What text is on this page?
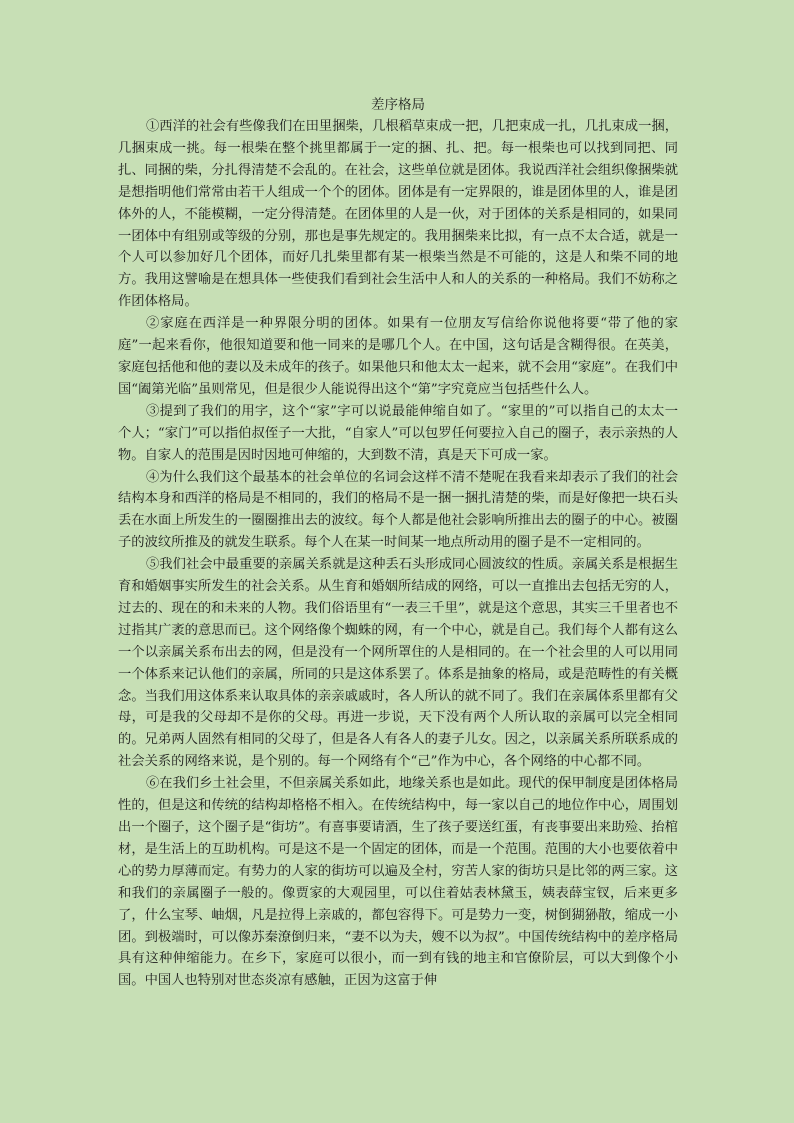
差序格局

①西洋的社会有些像我们在田里捆柴，几根稻草束成一把，几把束成一扎，几扎束成一捆，几捆束成一挑。每一根柴在整个挑里都属于一定的捆、扎、把。每一根柴也可以找到同把、同扎、同捆的柴，分扎得清楚不会乱的。在社会，这些单位就是团体。我说西洋社会组织像捆柴就是想指明他们常常由若干人组成一个个的团体。团体是有一定界限的，谁是团体里的人，谁是团体外的人，不能模糊，一定分得清楚。在团体里的人是一伙，对于团体的关系是相同的，如果同一团体中有组别或等级的分别，那也是事先规定的。我用捆柴来比拟，有一点不太合适，就是一个人可以参加好几个团体，而好几扎柴里都有某一根柴当然是不可能的，这是人和柴不同的地方。我用这譬喻是在想具体一些使我们看到社会生活中人和人的关系的一种格局。我们不妨称之作团体格局。

②家庭在西洋是一种界限分明的团体。如果有一位朋友写信给你说他将要“带了他的家庭”一起来看你，他很知道要和他一同来的是哪几个人。在中国，这句话是含糊得很。在英美，家庭包括他和他的妻以及未成年的孩子。如果他只和他太太一起来，就不会用“家庭”。在我们中国“阖第光临”虽则常见，但是很少人能说得出这个“第”字究竟应当包括些什么人。

③提到了我们的用字，这个“家”字可以说最能伸缩自如了。“家里的”可以指自己的太太一个人；“家门”可以指伯叔侄子一大批，“自家人”可以包罗任何要拉入自己的圈子，表示亲热的人物。自家人的范围是因时因地可伸缩的，大到数不清，真是天下可成一家。

④为什么我们这个最基本的社会单位的名词会这样不清不楚呢在我看来却表示了我们的社会结构本身和西洋的格局是不相同的，我们的格局不是一捆一捆扎清楚的柴，而是好像把一块石头丢在水面上所发生的一圈圈推出去的波纹。每个人都是他社会影响所推出去的圈子的中心。被圈子的波纹所推及的就发生联系。每个人在某一时间某一地点所动用的圈子是不一定相同的。

⑤我们社会中最重要的亲属关系就是这种丢石头形成同心圆波纹的性质。亲属关系是根据生育和婚姻事实所发生的社会关系。从生育和婚姻所结成的网络，可以一直推出去包括无穷的人，过去的、现在的和未来的人物。我们俗语里有“一表三千里”，就是这个意思，其实三千里者也不过指其广袤的意思而已。这个网络像个蜘蛛的网，有一个中心，就是自己。我们每个人都有这么一个以亲属关系布出去的网，但是没有一个网所罩住的人是相同的。在一个社会里的人可以用同一个体系来记认他们的亲属，所同的只是这体系罢了。体系是抽象的格局，或是范畴性的有关概念。当我们用这体系来认取具体的亲亲戚戚时，各人所认的就不同了。我们在亲属体系里都有父母，可是我的父母却不是你的父母。再进一步说，天下没有两个人所认取的亲属可以完全相同的。兄弟两人固然有相同的父母了，但是各人有各人的妻子儿女。因之，以亲属关系所联系成的社会关系的网络来说，是个别的。每一个网络有个“己”作为中心，各个网络的中心都不同。

⑥在我们乡土社会里，不但亲属关系如此，地缘关系也是如此。现代的保甲制度是团体格局性的，但是这和传统的结构却格格不相入。在传统结构中，每一家以自己的地位作中心，周围划出一个圈子，这个圈子是“街坊”。有喜事要请酒，生了孩子要送红蛋，有丧事要出来助殓、抬棺材，是生活上的互助机构。可是这不是一个固定的团体，而是一个范围。范围的大小也要依着中心的势力厚薄而定。有势力的人家的街坊可以遍及全村，穷苦人家的街坊只是比邻的两三家。这和我们的亲属圈子一般的。像贾家的大观园里，可以住着姑表林黛玉，姨表薛宝钗，后来更多了，什么宝琴、岫烟，凡是拉得上亲戚的，都包容得下。可是势力一变，树倒猢狲散，缩成一小团。到极端时，可以像苏秦潦倒归来，“妻不以为夫，嫂不以为叔”。中国传统结构中的差序格局具有这种伸缩能力。在乡下，家庭可以很小，而一到有钱的地主和官僚阶层，可以大到像个小国。中国人也特别对世态炎凉有感触，正因为这富于伸
